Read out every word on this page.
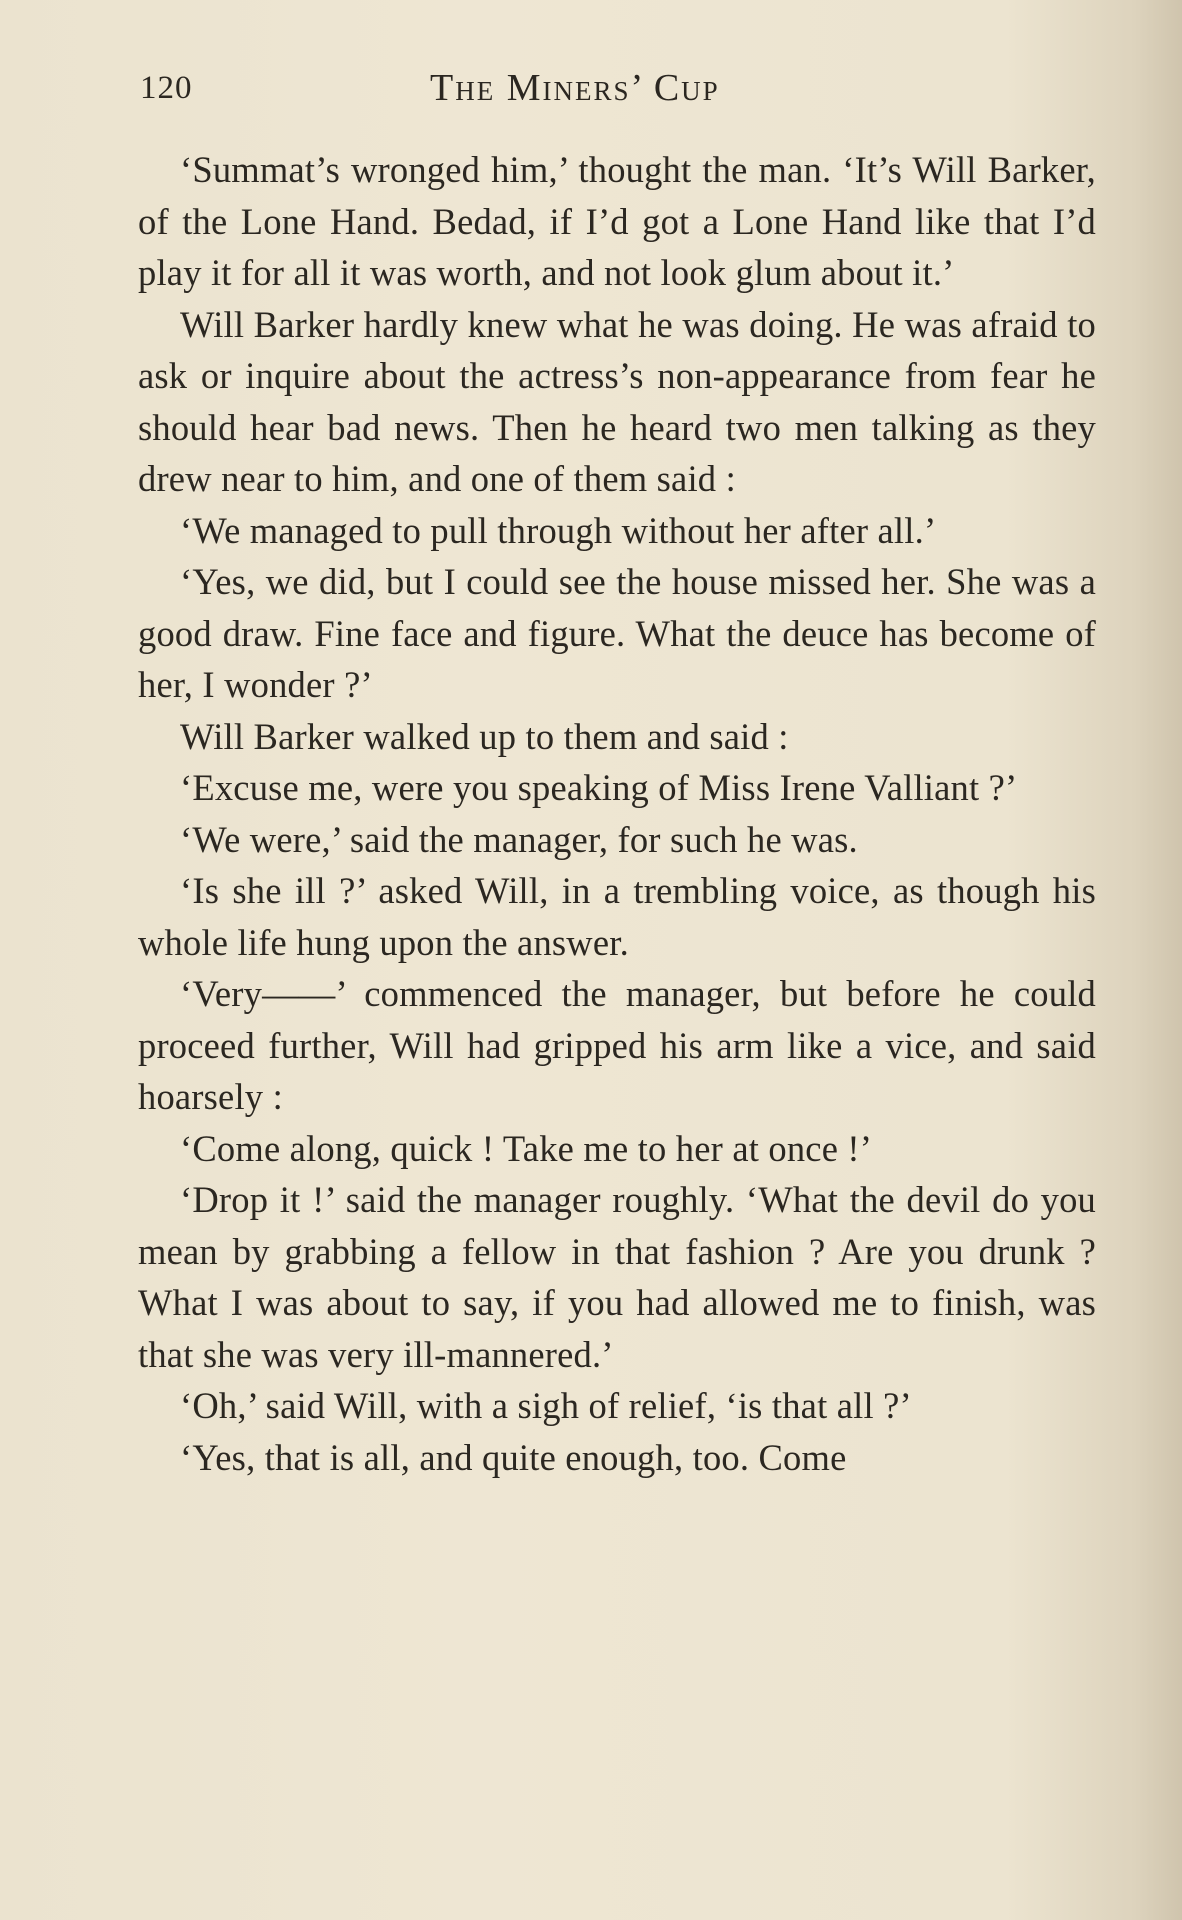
120	The Miners’ Cup

‘Summat’s wronged him,’ thought the man. ‘It’s Will Barker, of the Lone Hand. Bedad, if I’d got a Lone Hand like that I’d play it for all it was worth, and not look glum about it.’

Will Barker hardly knew what he was doing. He was afraid to ask or inquire about the actress’s non-appearance from fear he should hear bad news. Then he heard two men talking as they drew near to him, and one of them said :

‘We managed to pull through without her after all.’

‘Yes, we did, but I could see the house missed her. She was a good draw. Fine face and figure. What the deuce has become of her, I wonder ?’

Will Barker walked up to them and said :

‘Excuse me, were you speaking of Miss Irene Valliant ?’

‘We were,’ said the manager, for such he was.

‘Is she ill ?’ asked Will, in a trembling voice, as though his whole life hung upon the answer.

‘Very——’ commenced the manager, but before he could proceed further, Will had gripped his arm like a vice, and said hoarsely :

‘Come along, quick ! Take me to her at once !’

‘Drop it !’ said the manager roughly. ‘What the devil do you mean by grabbing a fellow in that fashion ? Are you drunk ? What I was about to say, if you had allowed me to finish, was that she was very ill-mannered.’

‘Oh,’ said Will, with a sigh of relief, ‘is that all ?’

‘Yes, that is all, and quite enough, too. Come
